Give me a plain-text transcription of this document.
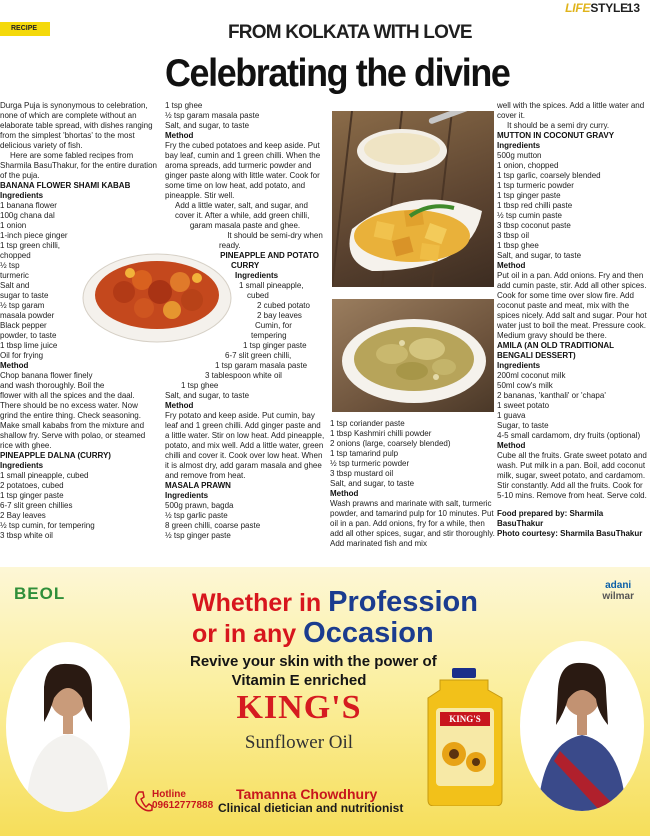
RECIPE
LIFESTYLE
13
FROM KOLKATA WITH LOVE
Celebrating the divine

Durga Puja is synonymous to celebration, none of which are complete without an elaborate table spread, with dishes ranging from the simplest 'bhortas' to the most delicious variety of fish.

Here are some fabled recipes from Sharmila BasuThakur, for the entire duration of the puja.

BANANA FLOWER SHAMI KABAB
Ingredients

1 banana flower

100g chana dal

1 onion

1-inch piece ginger

1 tsp green chilli,

chopped

½ tsp

turmeric

Salt and

sugar to taste

½ tsp garam

masala powder

Black pepper

powder, to taste

1 tbsp lime juice

Oil for frying

Method

Chop banana flower finely

and wash thoroughly. Boil the

flower with all the spices and the daal.

There should be no excess water. Now

grind the entire thing. Check seasoning.

Make small kababs from the mixture and

shallow fry. Serve with polao, or steamed

rice with ghee.

PINEAPPLE DALNA (CURRY)
Ingredients

1 small pineapple, cubed

2 potatoes, cubed

1 tsp ginger paste

6-7 slit green chillies

2 Bay leaves

½ tsp cumin, for tempering

3 tbsp white oil

1 tsp ghee

½ tsp garam masala paste

Salt, and sugar, to taste

Method

Fry the cubed potatoes and keep aside. Put bay leaf, cumin and 1 green chilli. When the aroma spreads, add turmeric powder and ginger paste along with little water. Cook for some time on low heat, add potato, and pineapple. Stir well.

Add a little water, salt, and sugar, and

cover it. After a while, add green chilli,

garam masala paste and ghee.

It should be semi-dry when

ready.

PINEAPPLE AND POTATO
CURRY
Ingredients

1 small pineapple,

cubed

2 cubed potato

2 bay leaves

Cumin, for

tempering

1 tsp ginger paste

6-7 slit green chilli,

1 tsp garam masala paste

3 tablespoon white oil

1 tsp ghee

Salt, and sugar, to taste

Method

Fry potato and keep aside. Put cumin, bay leaf and 1 green chilli. Add ginger paste and a little water. Stir on low heat. Add pineapple, potato, and mix well. Add a little water, green chilli and cover it. Cook over low heat. When it is almost dry, add garam masala and ghee and remove from heat.

MASALA PRAWN
Ingredients

500g prawn, bagda

½ tsp garlic paste

8 green chilli, coarse paste

½ tsp ginger paste

1 tsp coriander paste

1 tbsp Kashmiri chilli powder

2 onions (large, coarsely blended)

1 tsp tamarind pulp

½ tsp turmeric powder

3 tbsp mustard oil

Salt, and sugar, to taste

Method

Wash prawns and marinate with salt, turmeric powder, and tamarind pulp for 10 minutes. Put oil in a pan. Add onions, fry for a while, then add all other spices, sugar, and stir thoroughly. Add marinated fish and mix

well with the spices. Add a little water and cover it.

It should be a semi dry curry.

MUTTON IN COCONUT GRAVY
Ingredients

500g mutton

1 onion, chopped

1 tsp garlic, coarsely blended

1 tsp turmeric powder

1 tsp ginger paste

1 tbsp red chilli paste

½ tsp cumin paste

3 tbsp coconut paste

3 tbsp oil

1 tbsp ghee

Salt, and sugar, to taste

Method

Put oil in a pan. Add onions. Fry and then add cumin paste, stir. Add all other spices. Cook for some time over slow fire. Add coconut paste and meat, mix with the spices nicely. Add salt and sugar. Pour hot water just to boil the meat. Pressure cook. Medium gravy should be there.

AMILA (AN OLD TRADITIONAL BENGALI DESSERT)
Ingredients

200ml coconut milk

50ml cow's milk

2 bananas, 'kanthali' or 'chapa'

1 sweet potato

1 guava

Sugar, to taste

4-5 small cardamom, dry fruits (optional)

Method

Cube all the fruits. Grate sweet potato and wash. Put milk in a pan. Boil, add coconut milk, sugar, sweet potato, and cardamom. Stir constantly. Add all the fruits. Cook for 5-10 mins. Remove from heat. Serve cold.

Food prepared by: Sharmila BasuThakur
Photo courtesy: Sharmila BasuThakur
BEOL	adani
wilmar
Whether in Profession
or in any Occasion
Revive your skin with the power of
Vitamin E enriched
KING'S
Sunflower Oil
KING'S
Hotline
09612777888
Tamanna Chowdhury
Clinical dietician and nutritionist
